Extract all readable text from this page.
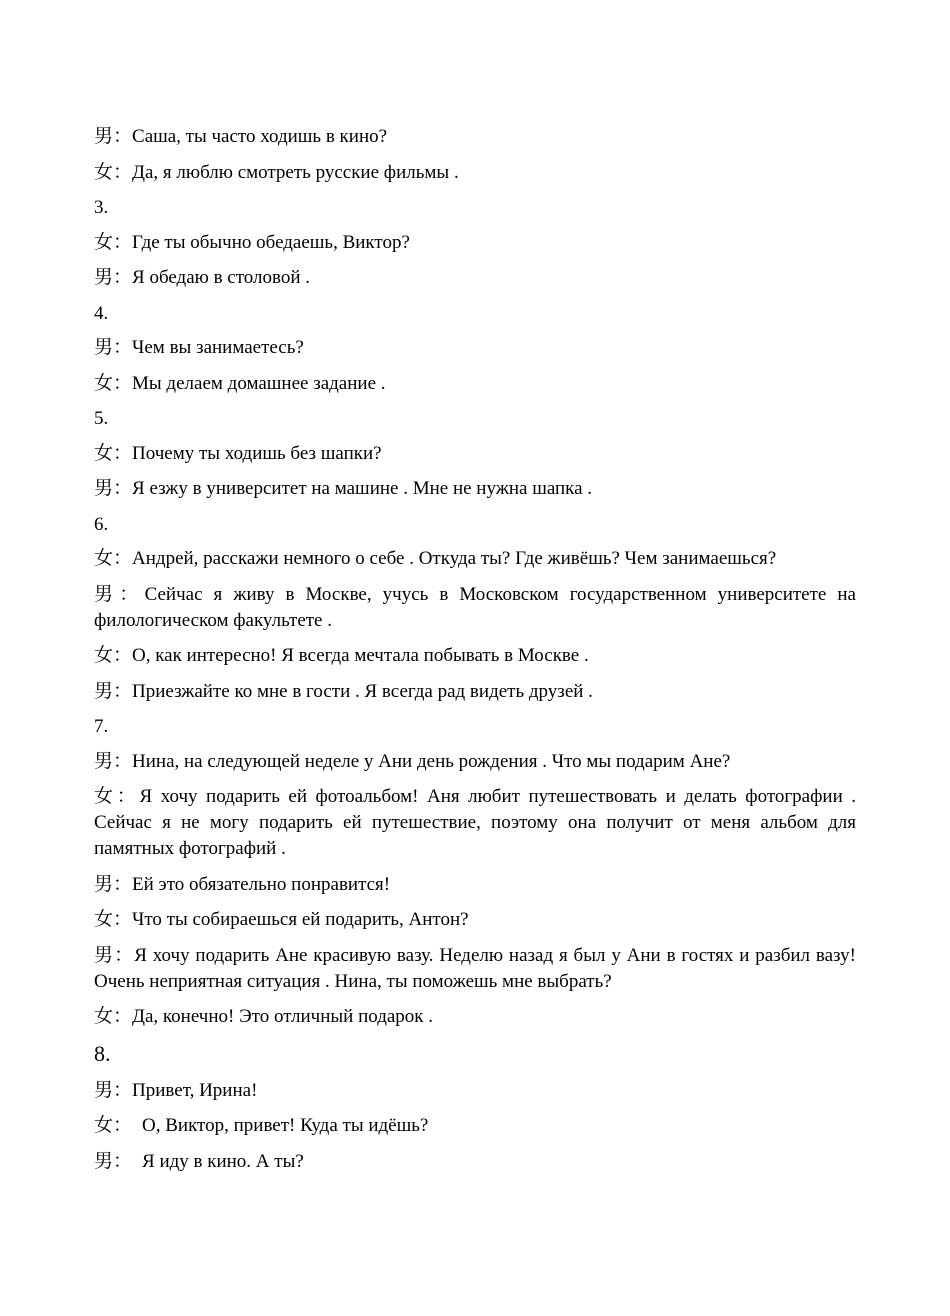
男：Саша, ты часто ходишь в кино?

女：Да, я люблю смотреть русские фильмы .

3.

女：Где ты обычно обедаешь, Виктор?

男：Я обедаю в столовой .

4.

男：Чем вы занимаетесь?

女：Мы делаем домашнее задание .

5.

女：Почему ты ходишь без шапки?

男：Я езжу в университет на машине . Мне не нужна шапка .

6.

女：Андрей, расскажи немного о себе . Откуда ты? Где живёшь? Чем занимаешься?

男：Сейчас я живу в Москве, учусь в Московском государственном университете на филологическом факультете .

女：О, как интересно! Я всегда мечтала побывать в Москве .

男：Приезжайте ко мне в гости . Я всегда рад видеть друзей .

7.

男：Нина, на следующей неделе у Ани день рождения . Что мы подарим Ане?

女：Я хочу подарить ей фотоальбом! Аня любит путешествовать и делать фотографии . Сейчас я не могу подарить ей путешествие, поэтому она получит от меня альбом для памятных фотографий .

男：Ей это обязательно понравится!

女：Что ты собираешься ей подарить, Антон?

男：Я хочу подарить Ане красивую вазу. Неделю назад я был у Ани в гостях и разбил вазу! Очень неприятная ситуация . Нина, ты поможешь мне выбрать?

女：Да, конечно! Это отличный подарок .

8.

男：Привет, Ирина!

女： О, Виктор, привет! Куда ты идёшь?

男： Я иду в кино. А ты?
